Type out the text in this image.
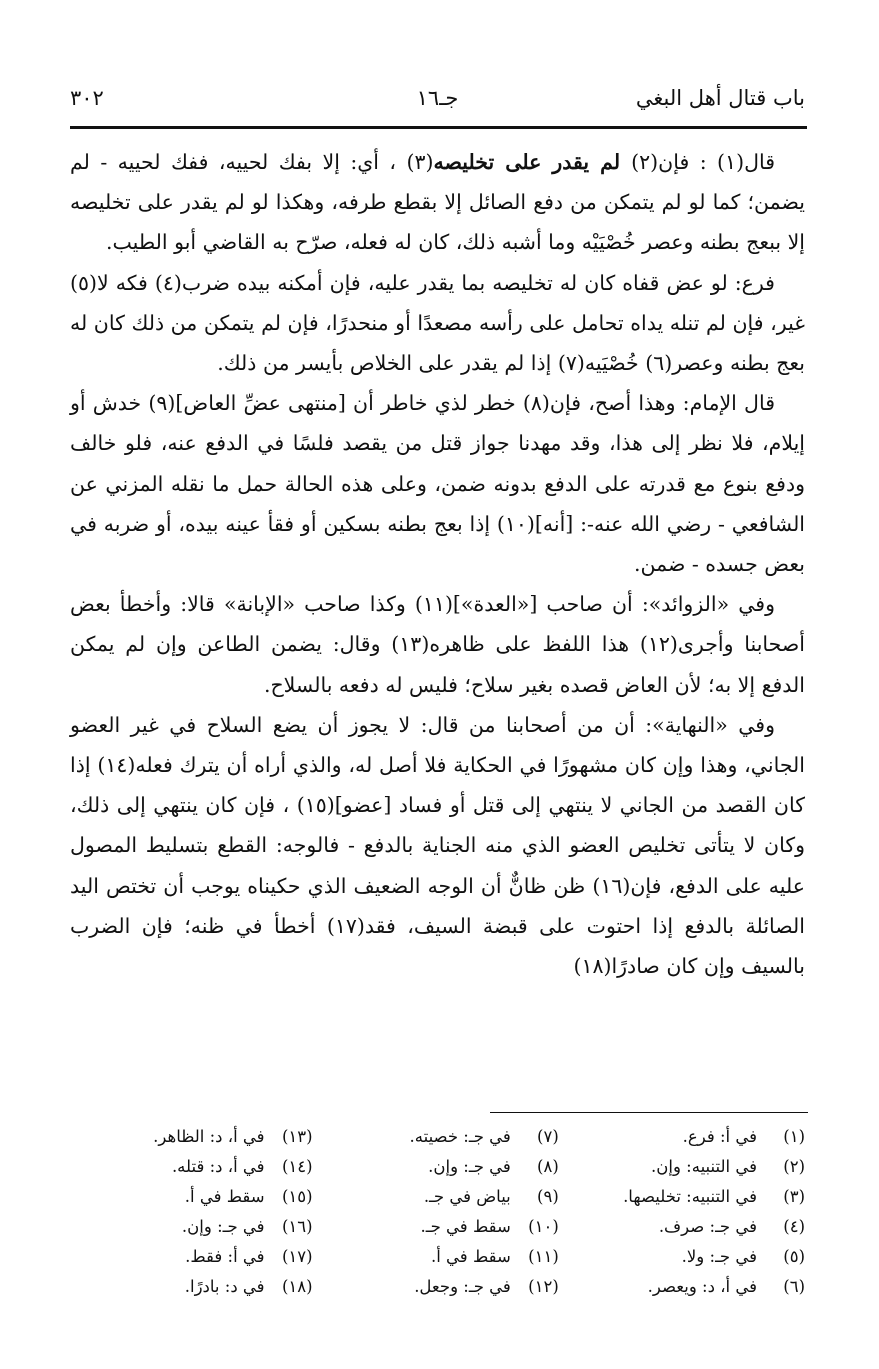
باب قتال أهل البغي
جـ١٦
٣٠٢

قال(١) : فإن(٢) لم يقدر على تخليصه(٣) ، أي: إلا بفك لحييه، ففك لحييه - لم يضمن؛ كما لو لم يتمكن من دفع الصائل إلا بقطع طرفه، وهكذا لو لم يقدر على تخليصه إلا ببعج بطنه وعصر خُصْيَيْه وما أشبه ذلك، كان له فعله، صرّح به القاضي أبو الطيب.

فرع: لو عض قفاه كان له تخليصه بما يقدر عليه، فإن أمكنه بيده ضرب(٤) فكه لا(٥) غير، فإن لم تنله يداه تحامل على رأسه مصعدًا أو منحدرًا، فإن لم يتمكن من ذلك كان له بعج بطنه وعصر(٦) خُصْيَيه(٧) إذا لم يقدر على الخلاص بأيسر من ذلك.

قال الإمام: وهذا أصح، فإن(٨) خطر لذي خاطر أن [منتهى عضِّ العاض](٩) خدش أو إيلام، فلا نظر إلى هذا، وقد مهدنا جواز قتل من يقصد فلسًا في الدفع عنه، فلو خالف ودفع بنوع مع قدرته على الدفع بدونه ضمن، وعلى هذه الحالة حمل ما نقله المزني عن الشافعي - رضي الله عنه-: [أنه](١٠) إذا بعج بطنه بسكين أو فقأ عينه بيده، أو ضربه في بعض جسده - ضمن.

وفي «الزوائد»: أن صاحب [«العدة»](١١) وكذا صاحب «الإبانة» قالا: وأخطأ بعض أصحابنا وأجرى(١٢) هذا اللفظ على ظاهره(١٣) وقال: يضمن الطاعن وإن لم يمكن الدفع إلا به؛ لأن العاض قصده بغير سلاح؛ فليس له دفعه بالسلاح.

وفي «النهاية»: أن من أصحابنا من قال: لا يجوز أن يضع السلاح في غير العضو الجاني، وهذا وإن كان مشهورًا في الحكاية فلا أصل له، والذي أراه أن يترك فعله(١٤) إذا كان القصد من الجاني لا ينتهي إلى قتل أو فساد [عضو](١٥) ، فإن كان ينتهي إلى ذلك، وكان لا يتأتى تخليص العضو الذي منه الجناية بالدفع - فالوجه: القطع بتسليط المصول عليه على الدفع، فإن(١٦) ظن ظانٌّ أن الوجه الضعيف الذي حكيناه يوجب أن تختص اليد الصائلة بالدفع إذا احتوت على قبضة السيف، فقد(١٧) أخطأ في ظنه؛ فإن الضرب بالسيف وإن كان صادرًا(١٨)

(١)في أ: فرع.
(٢)في التنبيه: وإن.
(٣)في التنبيه: تخليصها.
(٤)في جـ: صرف.
(٥)في جـ: ولا.
(٦)في أ، د: ويعصر.
(٧)في جـ: خصيته.
(٨)في جـ: وإن.
(٩)بياض في جـ.
(١٠)سقط في جـ.
(١١)سقط في أ.
(١٢)في جـ: وجعل.
(١٣)في أ، د: الظاهر.
(١٤)في أ، د: قتله.
(١٥)سقط في أ.
(١٦)في جـ: وإن.
(١٧)في أ: فقط.
(١٨)في د: بادرًا.
